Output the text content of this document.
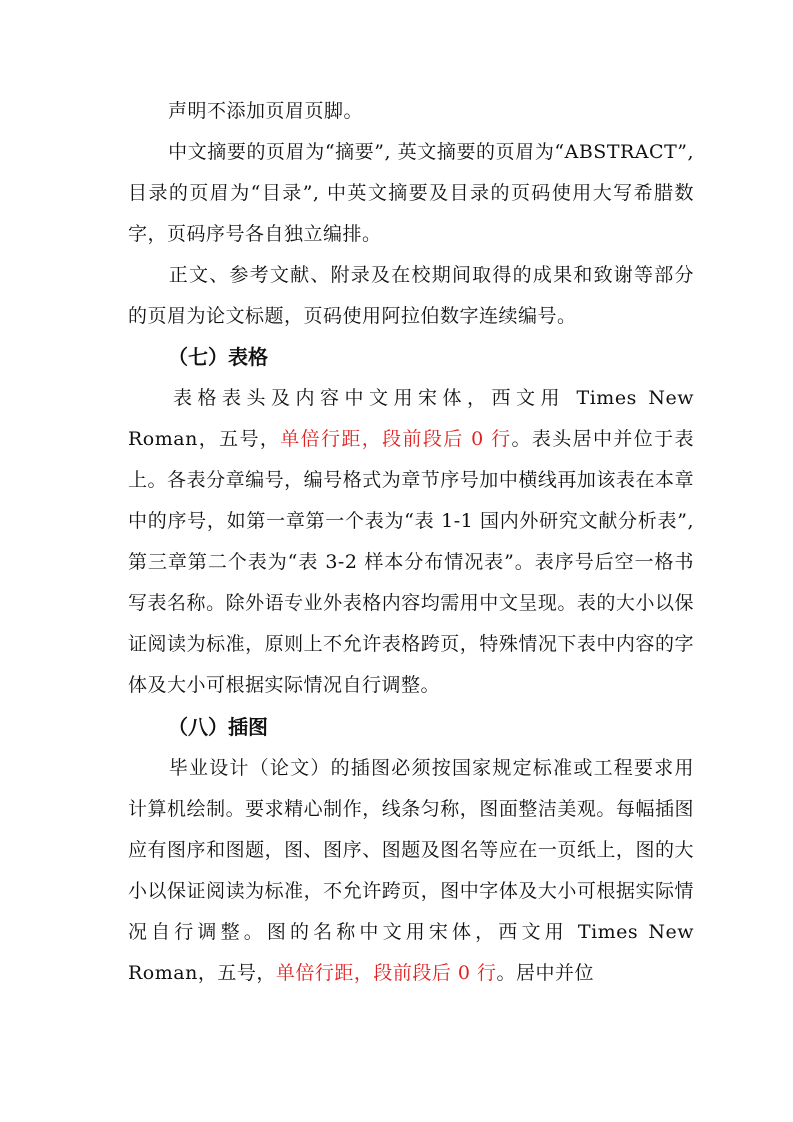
声明不添加页眉页脚。
中文摘要的页眉为“摘要”, 英文摘要的页眉为“ABSTRACT”, 目录的页眉为“目录”, 中英文摘要及目录的页码使用大写希腊数字，页码序号各自独立编排。
正文、参考文献、附录及在校期间取得的成果和致谢等部分的页眉为论文标题，页码使用阿拉伯数字连续编号。
（七）表格
表格表头及内容中文用宋体，西文用 Times New Roman，五号，单倍行距，段前段后 0 行。表头居中并位于表上。各表分章编号，编号格式为章节序号加中横线再加该表在本章中的序号，如第一章第一个表为“表 1-1 国内外研究文献分析表”, 第三章第二个表为“表 3-2 样本分布情况表”。表序号后空一格书写表名称。除外语专业外表格内容均需用中文呈现。表的大小以保证阅读为标准，原则上不允许表格跨页，特殊情况下表中内容的字体及大小可根据实际情况自行调整。
（八）插图
毕业设计（论文）的插图必须按国家规定标准或工程要求用计算机绘制。要求精心制作，线条匀称，图面整洁美观。每幅插图应有图序和图题，图、图序、图题及图名等应在一页纸上，图的大小以保证阅读为标准，不允许跨页，图中字体及大小可根据实际情况自行调整。图的名称中文用宋体，西文用 Times New Roman，五号，单倍行距，段前段后 0 行。居中并位
